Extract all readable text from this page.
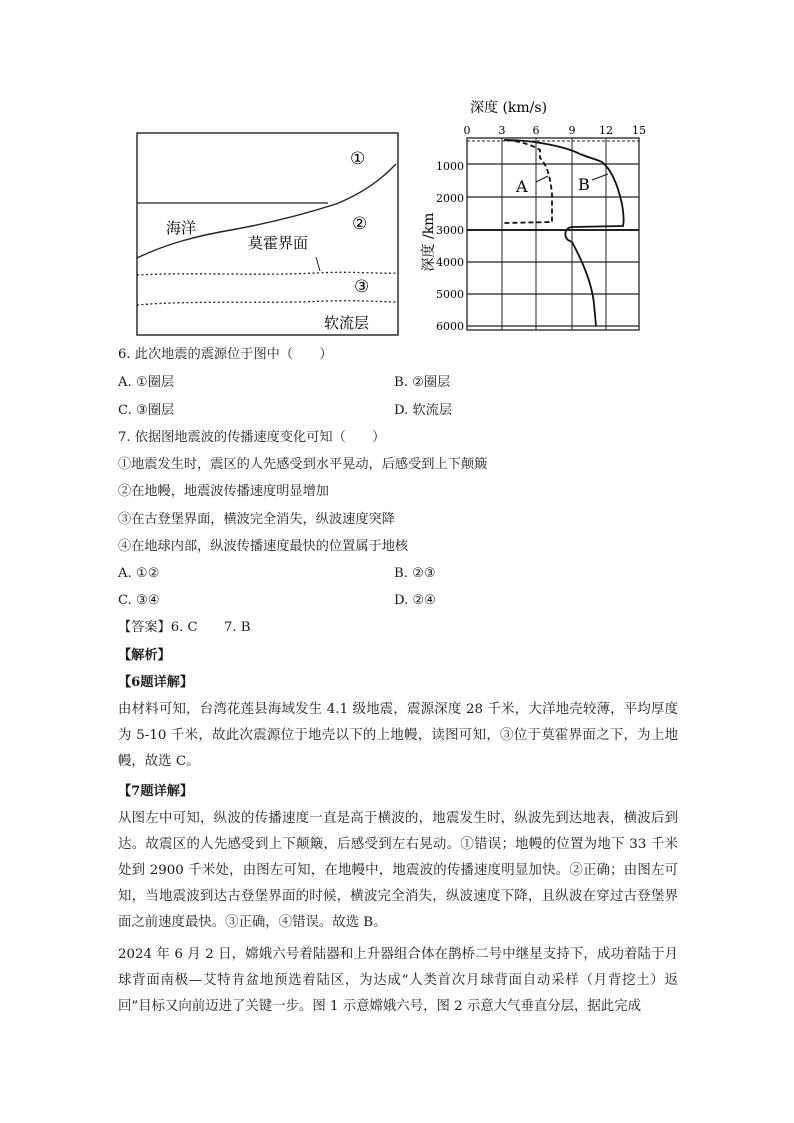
①
②
③
海洋
莫霍界面
软流层
深度 (km/s)
深度 /km
0	3 6	9 12 15
1000
2000
3000
4000
5000
6000
A	B
6. 此次地震的震源位于图中（　　）
A. ①圈层	B. ②圈层
C. ③圈层	D. 软流层
7. 依据图地震波的传播速度变化可知（　　）
①地震发生时，震区的人先感受到水平晃动，后感受到上下颠簸
②在地幔，地震波传播速度明显增加
③在古登堡界面，横波完全消失，纵波速度突降
④在地球内部，纵波传播速度最快的位置属于地核
A. ①②	B. ②③
C. ③④	D. ②④
【答案】6. C　　7. B
【解析】
【6题详解】
由材料可知，台湾花莲县海域发生 4.1 级地震，震源深度 28 千米，大洋地壳较薄，平均厚度为 5-10 千米，故此次震源位于地壳以下的上地幔，读图可知，③位于莫霍界面之下，为上地幔，故选 C。
【7题详解】
从图左中可知，纵波的传播速度一直是高于横波的，地震发生时，纵波先到达地表，横波后到达。故震区的人先感受到上下颠簸，后感受到左右晃动。①错误；地幔的位置为地下 33 千米处到 2900 千米处，由图左可知，在地幔中，地震波的传播速度明显加快。②正确；由图左可知，当地震波到达古登堡界面的时候，横波完全消失，纵波速度下降，且纵波在穿过古登堡界面之前速度最快。③正确，④错误。故选 B。
2024 年 6 月 2 日，嫦娥六号着陆器和上升器组合体在鹊桥二号中继星支持下，成功着陆于月球背面南极—艾特肯盆地预选着陆区，为达成“人类首次月球背面自动采样（月背挖土）返回”目标又向前迈进了关键一步。图 1 示意嫦娥六号，图 2 示意大气垂直分层，据此完成
